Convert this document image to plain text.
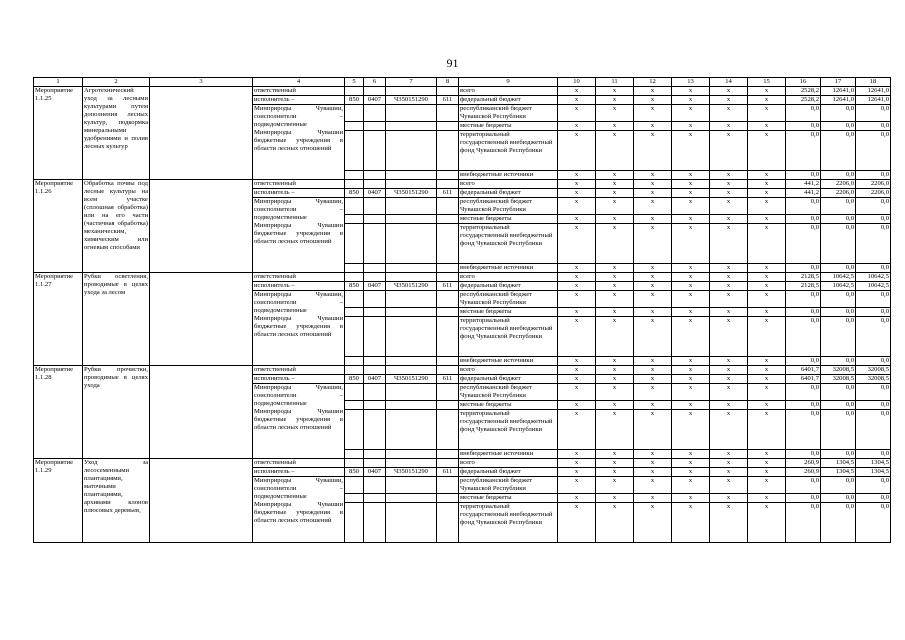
91
1	2	3	4	5	6	7	8	9	10	11	12	13	14	15	16	17	18
Мероприятие 1.1.25	Агротехнический уход за лесными культурами путем дополнения лесных культур, подкормка минеральными удобрениями и полив лесных культур		ответственный					всего	x	x	x	x	x	x	2528,2	12641,0	12641,0
			исполнитель –	850	0407	Ч350151290	611	федеральный бюджет	x	x	x	x	x	x	2528,2	12641,0	12641,0
			Минприроды Чувашии, соисполнители – подведомственные Минприроды Чувашии бюджетные учреждения в области лесных отношений					республиканский бюджет Чувашской Республики	x	x	x	x	x	x	0,0	0,0	0,0
								местные бюджеты	x	x	x	x	x	x	0,0	0,0	0,0
								территориальный государственный внебюджетный фонд Чувашской Республики	x	x	x	x	x	x	0,0	0,0	0,0
								внебюджетные источники	x	x	x	x	x	x	0,0	0,0	0,0
Мероприятие 1.1.26	Обработка почвы под лесные культуры на всем участке (сплошная обработка) или на его части (частичная обработка) механическим, химическим или огневым способами		ответственный					всего	x	x	x	x	x	x	441,2	2206,0	2206,0
			исполнитель –	850	0407	Ч350151290	611	федеральный бюджет	x	x	x	x	x	x	441,2	2206,0	2206,0
			Минприроды Чувашии, соисполнители – подведомственные Минприроды Чувашии бюджетные учреждения в области лесных отношений					республиканский бюджет Чувашской Республики	x	x	x	x	x	x	0,0	0,0	0,0
								местные бюджеты	x	x	x	x	x	x	0,0	0,0	0,0
								территориальный государственный внебюджетный фонд Чувашской Республики	x	x	x	x	x	x	0,0	0,0	0,0
								внебюджетные источники	x	x	x	x	x	x	0,0	0,0	0,0
Мероприятие 1.1.27	Рубки осветления, проводимые в целях ухода за лесом		ответственный					всего	x	x	x	x	x	x	2128,5	10642,5	10642,5
			исполнитель –	850	0407	Ч350151290	611	федеральный бюджет	x	x	x	x	x	x	2128,5	10642,5	10642,5
			Минприроды Чувашии, соисполнители – подведомственные Минприроды Чувашии бюджетные учреждения в области лесных отношений					республиканский бюджет Чувашской Республики	x	x	x	x	x	x	0,0	0,0	0,0
								местные бюджеты	x	x	x	x	x	x	0,0	0,0	0,0
								территориальный государственный внебюджетный фонд Чувашской Республики	x	x	x	x	x	x	0,0	0,0	0,0
								внебюджетные источники	x	x	x	x	x	x	0,0	0,0	0,0
Мероприятие 1.1.28	Рубки прочистки, проводимые в целях ухода		ответственный					всего	x	x	x	x	x	x	6401,7	32008,5	32008,5
			исполнитель –	850	0407	Ч350151290	611	федеральный бюджет	x	x	x	x	x	x	6401,7	32008,5	32008,5
			Минприроды Чувашии, соисполнители – подведомственные Минприроды Чувашии бюджетные учреждения в области лесных отношений					республиканский бюджет Чувашской Республики	x	x	x	x	x	x	0,0	0,0	0,0
								местные бюджеты	x	x	x	x	x	x	0,0	0,0	0,0
								территориальный государственный внебюджетный фонд Чувашской Республики	x	x	x	x	x	x	0,0	0,0	0,0
								внебюджетные источники	x	x	x	x	x	x	0,0	0,0	0,0
Мероприятие 1.1.29	Уход за лесосеменными плантациями, маточными плантациями, архивами клонов плюсовых деревьев,		ответственный					всего	x	x	x	x	x	x	260,9	1304,5	1304,5
			исполнитель –	850	0407	Ч350151290	611	федеральный бюджет	x	x	x	x	x	x	260,9	1304,5	1304,5
			Минприроды Чувашии, соисполнители – подведомственные Минприроды Чувашии бюджетные учреждения в области лесных отношений					республиканский бюджет Чувашской Республики	x	x	x	x	x	x	0,0	0,0	0,0
								местные бюджеты	x	x	x	x	x	x	0,0	0,0	0,0
								территориальный государственный внебюджетный фонд Чувашской Республики	x	x	x	x	x	x	0,0	0,0	0,0
